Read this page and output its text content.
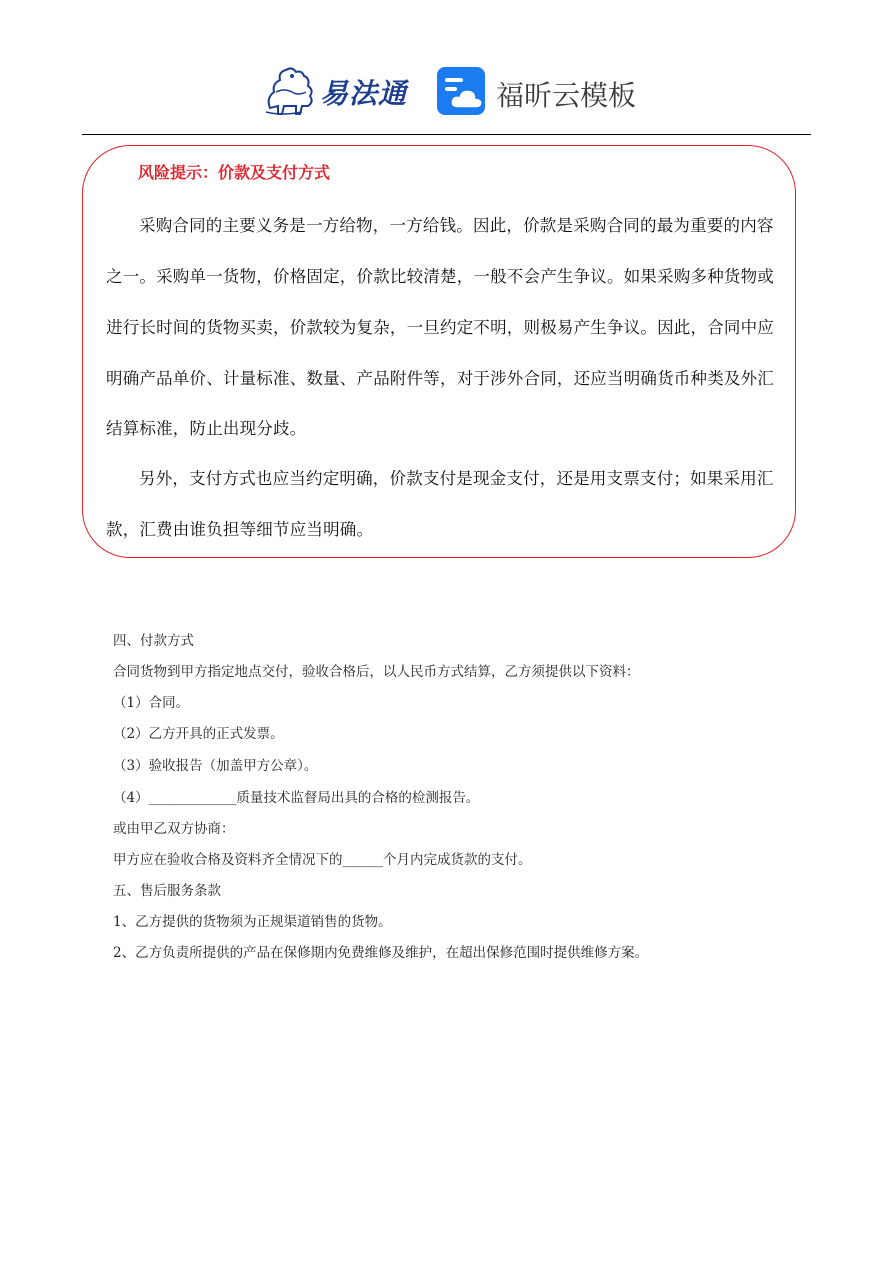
易法通	福昕云模板
风险提示：价款及支付方式
采购合同的主要义务是一方给物，一方给钱。因此，价款是采购合同的最为重要的内容
之一。采购单一货物，价格固定，价款比较清楚，一般不会产生争议。如果采购多种货物或
进行长时间的货物买卖，价款较为复杂，一旦约定不明，则极易产生争议。因此，合同中应
明确产品单价、计量标准、数量、产品附件等，对于涉外合同，还应当明确货币种类及外汇
结算标准，防止出现分歧。
另外，支付方式也应当约定明确，价款支付是现金支付，还是用支票支付；如果采用汇
款，汇费由谁负担等细节应当明确。
四、付款方式
合同货物到甲方指定地点交付，验收合格后，以人民币方式结算，乙方须提供以下资料：
（1）合同。
（2）乙方开具的正式发票。
（3）验收报告（加盖甲方公章）。
（4）_____________质量技术监督局出具的合格的检测报告。
或由甲乙双方协商：
甲方应在验收合格及资料齐全情况下的______个月内完成货款的支付。
五、售后服务条款
1、乙方提供的货物须为正规渠道销售的货物。
2、乙方负责所提供的产品在保修期内免费维修及维护，在超出保修范围时提供维修方案。
